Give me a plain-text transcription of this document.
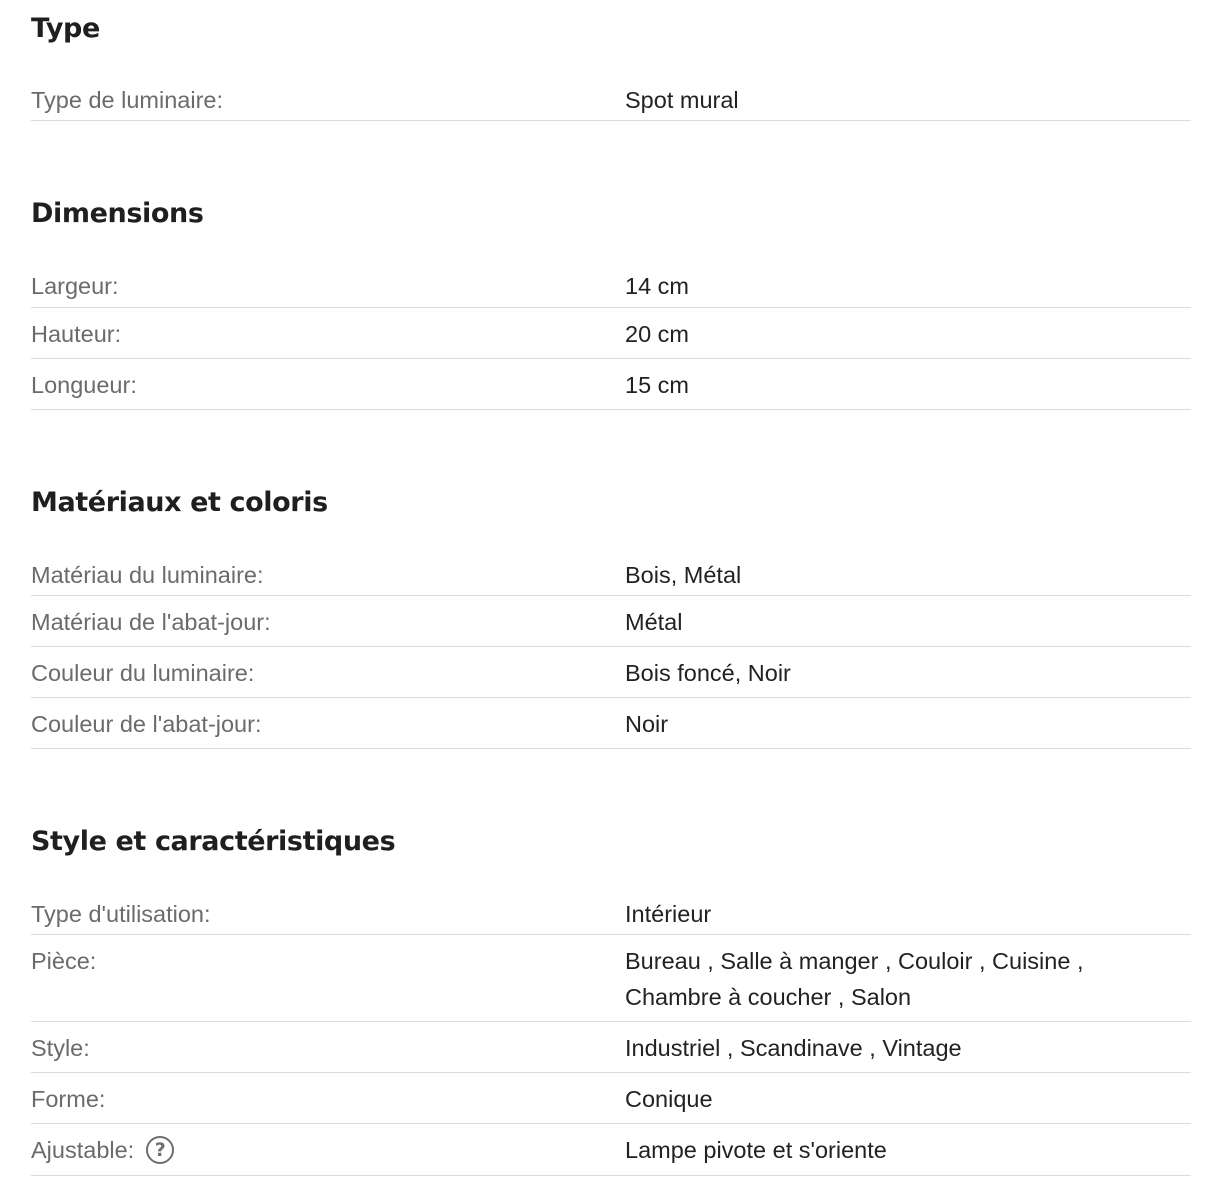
Type
Type de luminaire:	Spot mural
Dimensions
Largeur:	14 cm
Hauteur:	20 cm
Longueur:	15 cm
Matériaux et coloris
Matériau du luminaire:	Bois, Métal
Matériau de l'abat-jour:	Métal
Couleur du luminaire:	Bois foncé, Noir
Couleur de l'abat-jour:	Noir
Style et caractéristiques
Type d'utilisation:	Intérieur
Pièce:	Bureau , Salle à manger , Couloir , Cuisine ,
Chambre à coucher , Salon
Style:	Industriel , Scandinave , Vintage
Forme:	Conique
Ajustable:	?	Lampe pivote et s'oriente
